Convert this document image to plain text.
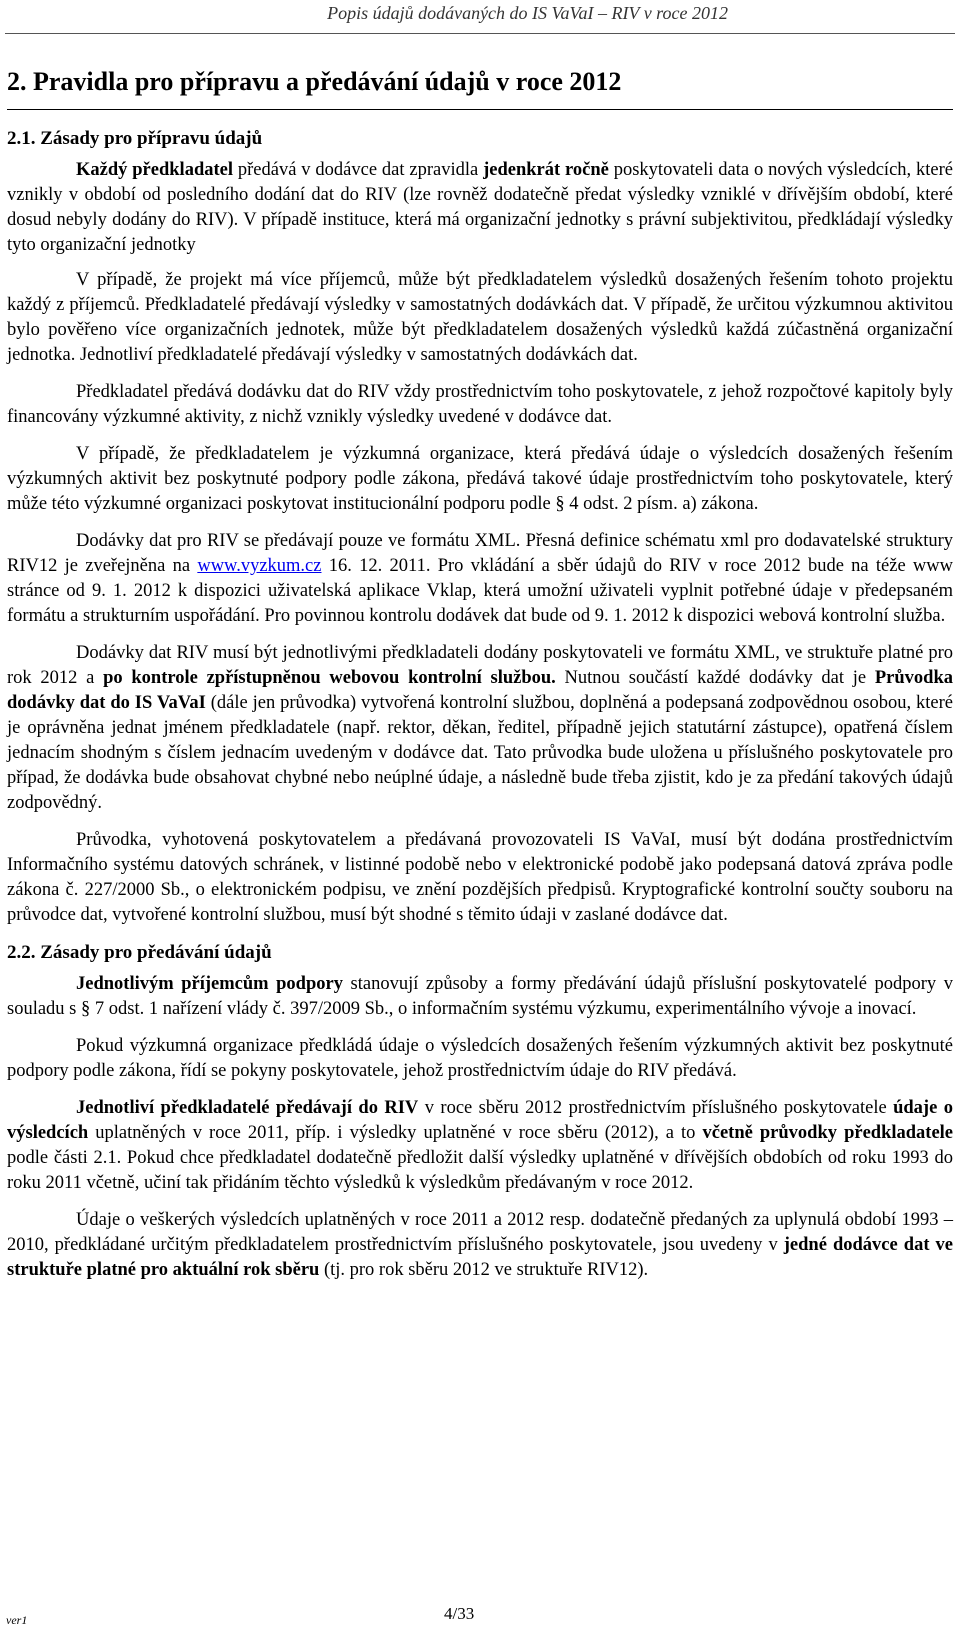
Popis údajů dodávaných do IS VaVaI – RIV v roce 2012
2. Pravidla pro přípravu a předávání údajů v roce 2012
2.1. Zásady pro přípravu údajů

Každý předkladatel předává v dodávce dat zpravidla jedenkrát ročně poskytovateli data o nových výsledcích, které vznikly v období od posledního dodání dat do RIV (lze rovněž dodatečně předat výsledky vzniklé v dřívějším období, které dosud nebyly dodány do RIV). V případě instituce, která má organizační jednotky s právní subjektivitou, předkládají výsledky tyto organizační jednotky

V případě, že projekt má více příjemců, může být předkladatelem výsledků dosažených řešením tohoto projektu každý z příjemců. Předkladatelé předávají výsledky v samostatných dodávkách dat. V případě, že určitou výzkumnou aktivitou bylo pověřeno více organizačních jednotek, může být předkladatelem dosažených výsledků každá zúčastněná organizační jednotka. Jednotliví předkladatelé předávají výsledky v samostatných dodávkách dat.

Předkladatel předává dodávku dat do RIV vždy prostřednictvím toho poskytovatele, z jehož rozpočtové kapitoly byly financovány výzkumné aktivity, z nichž vznikly výsledky uvedené v dodávce dat.

V případě, že předkladatelem je výzkumná organizace, která předává údaje o výsledcích dosažených řešením výzkumných aktivit bez poskytnuté podpory podle zákona, předává takové údaje prostřednictvím toho poskytovatele, který může této výzkumné organizaci poskytovat institucionální podporu podle § 4 odst. 2 písm. a) zákona.

Dodávky dat pro RIV se předávají pouze ve formátu XML. Přesná definice schématu xml pro dodavatelské struktury RIV12 je zveřejněna na www.vyzkum.cz 16. 12. 2011. Pro vkládání a sběr údajů do RIV v roce 2012 bude na téže www stránce od 9. 1. 2012 k dispozici uživatelská aplikace Vklap, která umožní uživateli vyplnit potřebné údaje v předepsaném formátu a strukturním uspořádání. Pro povinnou kontrolu dodávek dat bude od 9. 1. 2012 k dispozici webová kontrolní služba.

Dodávky dat RIV musí být jednotlivými předkladateli dodány poskytovateli ve formátu XML, ve struktuře platné pro rok 2012 a po kontrole zpřístupněnou webovou kontrolní službou. Nutnou součástí každé dodávky dat je Průvodka dodávky dat do IS VaVaI (dále jen průvodka) vytvořená kontrolní službou, doplněná a podepsaná zodpovědnou osobou, které je oprávněna jednat jménem předkladatele (např. rektor, děkan, ředitel, případně jejich statutární zástupce), opatřená číslem jednacím shodným s číslem jednacím uvedeným v dodávce dat. Tato průvodka bude uložena u příslušného poskytovatele pro případ, že dodávka bude obsahovat chybné nebo neúplné údaje, a následně bude třeba zjistit, kdo je za předání takových údajů zodpovědný.

Průvodka, vyhotovená poskytovatelem a předávaná provozovateli IS VaVaI, musí být dodána prostřednictvím Informačního systému datových schránek, v listinné podobě nebo v elektronické podobě jako podepsaná datová zpráva podle zákona č. 227/2000 Sb., o elektronickém podpisu, ve znění pozdějších předpisů. Kryptografické kontrolní součty souboru na průvodce dat, vytvořené kontrolní službou, musí být shodné s těmito údaji v zaslané dodávce dat.

2.2. Zásady pro předávání údajů

Jednotlivým příjemcům podpory stanovují způsoby a formy předávání údajů příslušní poskytovatelé podpory v souladu s § 7 odst. 1 nařízení vlády č. 397/2009 Sb., o informačním systému výzkumu, experimentálního vývoje a inovací.

Pokud výzkumná organizace předkládá údaje o výsledcích dosažených řešením výzkumných aktivit bez poskytnuté podpory podle zákona, řídí se pokyny poskytovatele, jehož prostřednictvím údaje do RIV předává.

Jednotliví předkladatelé předávají do RIV v roce sběru 2012 prostřednictvím příslušného poskytovatele údaje o výsledcích uplatněných v roce 2011, příp. i výsledky uplatněné v roce sběru (2012), a to včetně průvodky předkladatele podle části 2.1. Pokud chce předkladatel dodatečně předložit další výsledky uplatněné v dřívějších obdobích od roku 1993 do roku 2011 včetně, učiní tak přidáním těchto výsledků k výsledkům předávaným v roce 2012.

Údaje o veškerých výsledcích uplatněných v roce 2011 a 2012 resp. dodatečně předaných za uplynulá období 1993 – 2010, předkládané určitým předkladatelem prostřednictvím příslušného poskytovatele, jsou uvedeny v jedné dodávce dat ve struktuře platné pro aktuální rok sběru (tj. pro rok sběru 2012 ve struktuře RIV12).

ver1	4/33
